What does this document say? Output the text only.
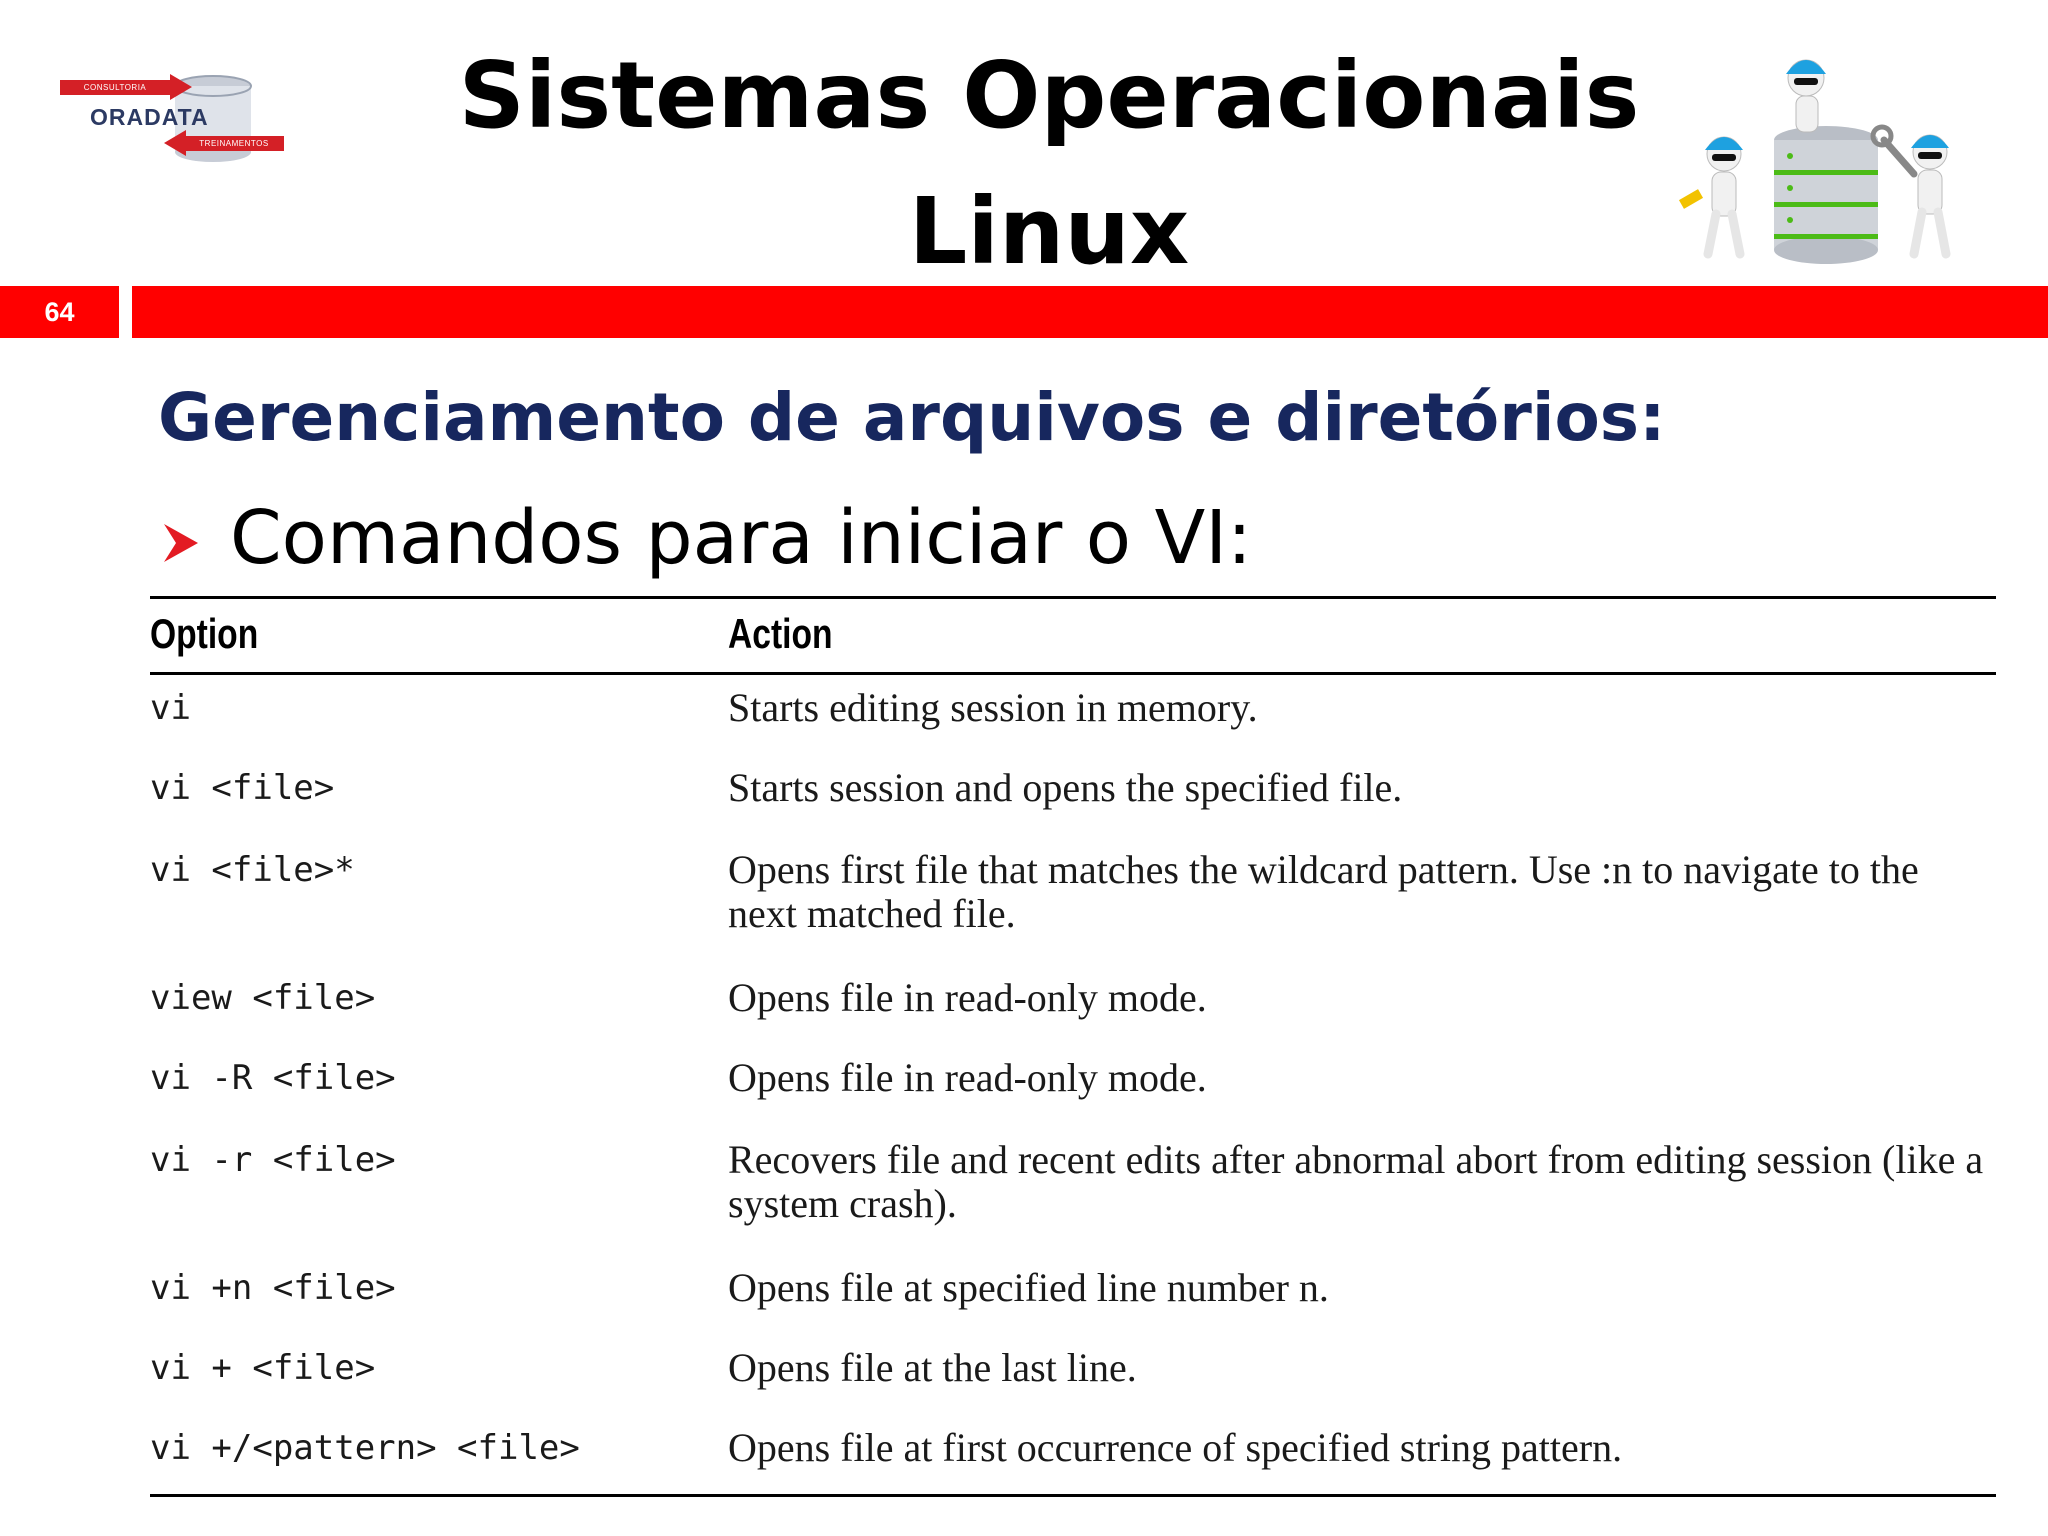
CONSULTORIA
TREINAMENTOS
ORADATA	Sistemas Operacionais
Linux
64
Gerenciamento de arquivos e diretórios:
Comandos para iniciar o VI:
Option	Action
vi	Starts editing session in memory.
vi <file>	Starts session and opens the specified file.
vi <file>*	Opens first file that matches the wildcard pattern. Use :n to navigate to the next matched file.
view <file>	Opens file in read-only mode.
vi -R <file>	Opens file in read-only mode.
vi -r <file>	Recovers file and recent edits after abnormal abort from editing session (like a system crash).
vi +n <file>	Opens file at specified line number n.
vi + <file>	Opens file at the last line.
vi +/<pattern> <file>	Opens file at first occurrence of specified string pattern.
